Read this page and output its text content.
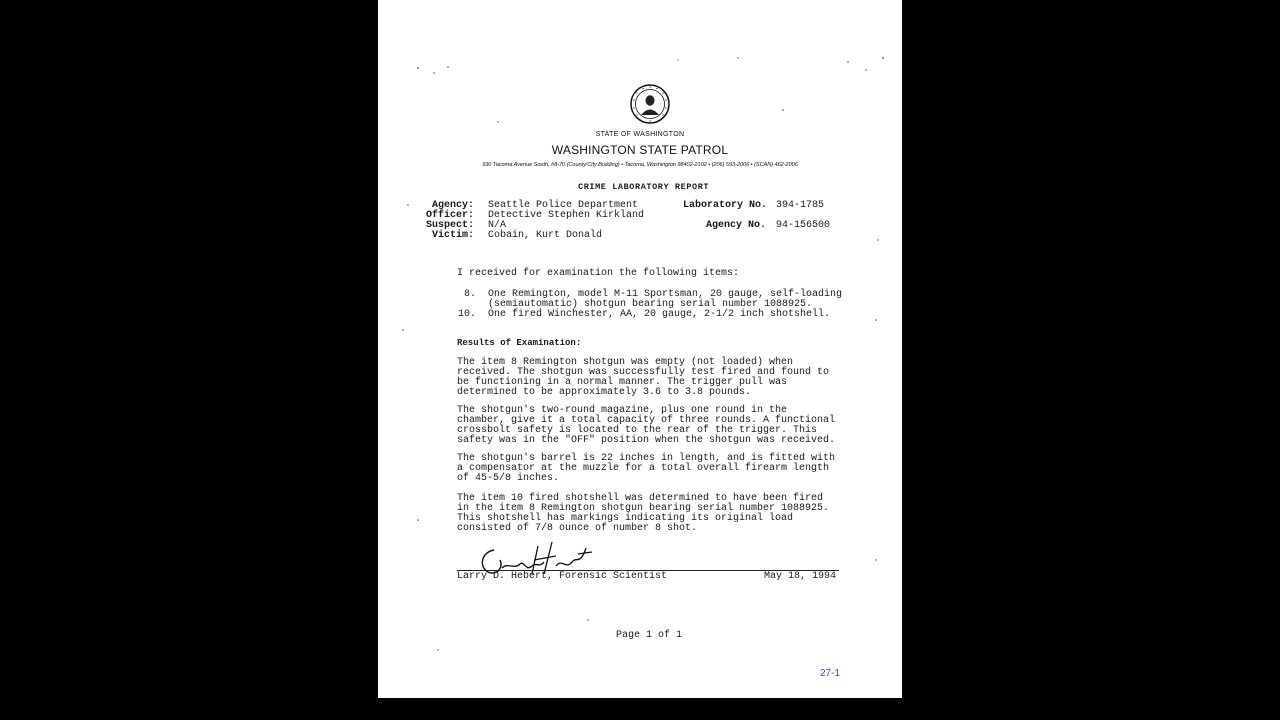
STATE OF WASHINGTON
WASHINGTON STATE PATROL
930 Tacoma Avenue South, #8-70 (County/City Building) • Tacoma, Washington 98402-2102 • (206) 593-2006 • (SCAN) 462-2006
CRIME LABORATORY REPORT
Agency: Seattle Police Department
Officer: Detective Stephen Kirkland
Suspect: N/A
Victim: Cobain, Kurt Donald
Laboratory No. 394-1785
Agency No. 94-156500
I received for examination the following items:
8. One Remington, model M-11 Sportsman, 20 gauge, self-loading
(semiautomatic) shotgun bearing serial number 1088925.
10. One fired Winchester, AA, 20 gauge, 2-1/2 inch shotshell.
Results of Examination:
The item 8 Remington shotgun was empty (not loaded) when received. The shotgun was successfully test fired and found to be functioning in a normal manner. The trigger pull was determined to be approximately 3.6 to 3.8 pounds.
The shotgun's two-round magazine, plus one round in the chamber, give it a total capacity of three rounds. A functional crossbolt safety is located to the rear of the trigger. This safety was in the "OFF" position when the shotgun was received.
The shotgun's barrel is 22 inches in length, and is fitted with a compensator at the muzzle for a total overall firearm length of 45-5/8 inches.
The item 10 fired shotshell was determined to have been fired in the item 8 Remington shotgun bearing serial number 1088925. This shotshell has markings indicating its original load consisted of 7/8 ounce of number 8 shot.
Larry D. Hebert, Forensic Scientist	May 18, 1994
Page 1 of 1
27-1
